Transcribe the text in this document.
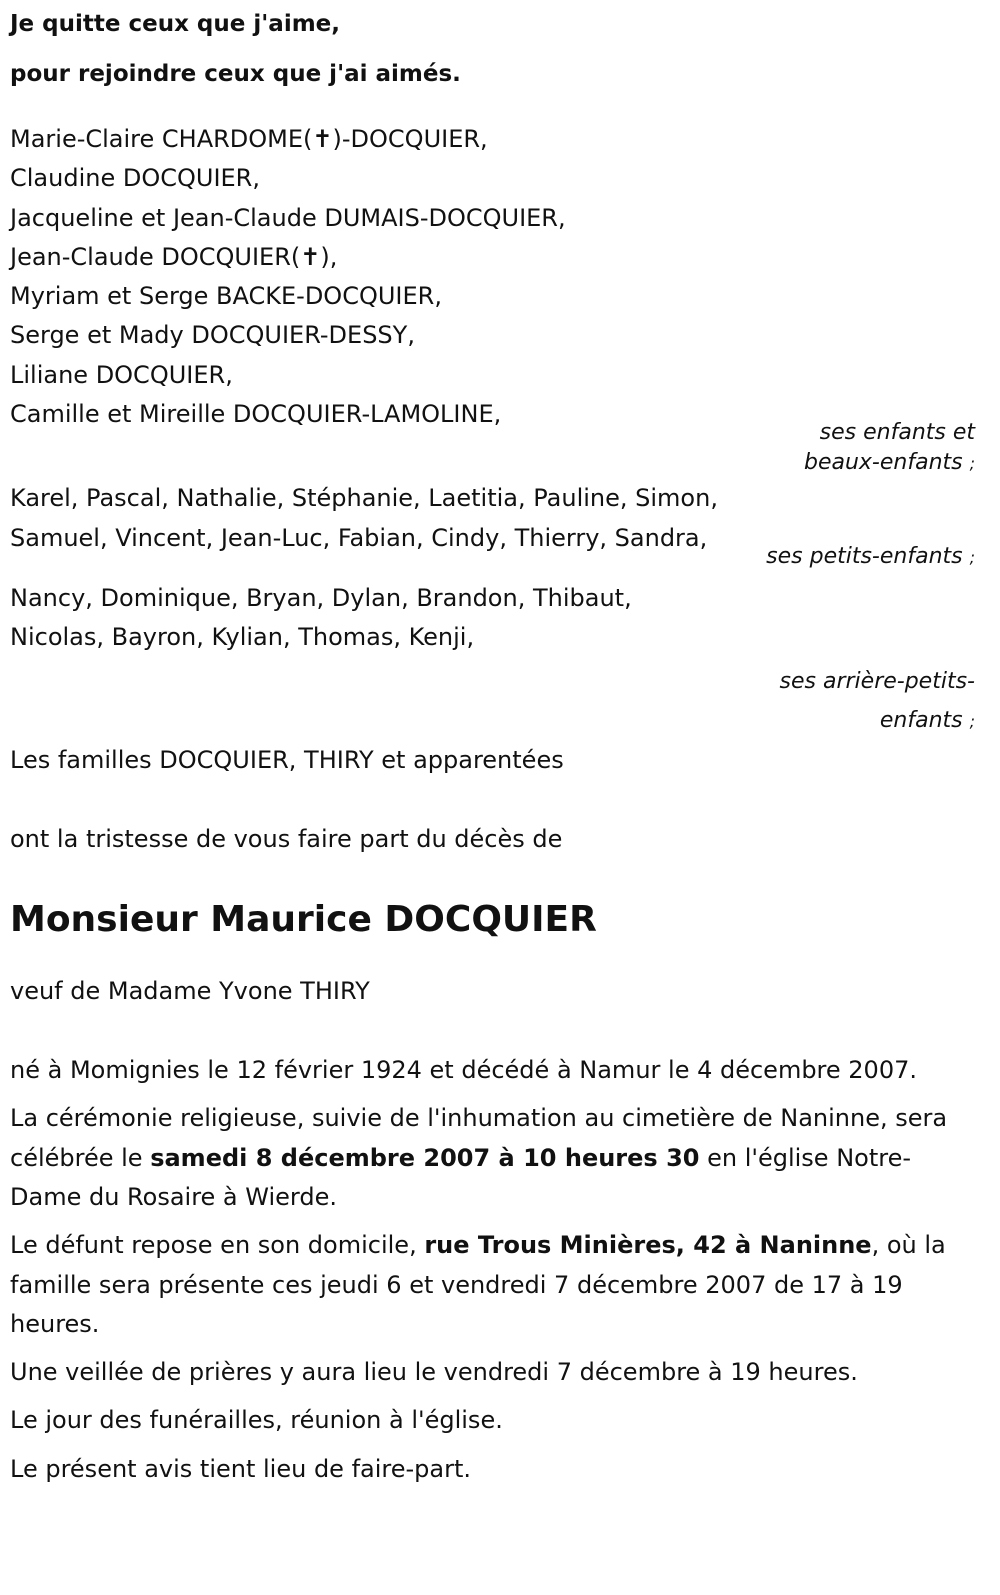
Je quitte ceux que j'aime,
pour rejoindre ceux que j'ai aimés.
Marie-Claire CHARDOME(✝)-DOCQUIER,
Claudine DOCQUIER,
Jacqueline et Jean-Claude DUMAIS-DOCQUIER,
Jean-Claude DOCQUIER(✝),
Myriam et Serge BACKE-DOCQUIER,
Serge et Mady DOCQUIER-DESSY,
Liliane DOCQUIER,
Camille et Mireille DOCQUIER-LAMOLINE,
ses enfants et
beaux-enfants ;
Karel, Pascal, Nathalie, Stéphanie, Laetitia, Pauline, Simon,
Samuel, Vincent, Jean-Luc, Fabian, Cindy, Thierry, Sandra,
ses petits-enfants ;
Nancy, Dominique, Bryan, Dylan, Brandon, Thibaut,
Nicolas, Bayron, Kylian, Thomas, Kenji,
ses arrière-petits-
enfants ;
Les familles DOCQUIER, THIRY et apparentées
ont la tristesse de vous faire part du décès de
Monsieur Maurice DOCQUIER
veuf de Madame Yvone THIRY
né à Momignies le 12 février 1924 et décédé à Namur le 4 décembre 2007.
La cérémonie religieuse, suivie de l'inhumation au cimetière de Naninne, sera célébrée le samedi 8 décembre 2007 à 10 heures 30 en l'église Notre-Dame du Rosaire à Wierde.
Le défunt repose en son domicile, rue Trous Minières, 42 à Naninne, où la famille sera présente ces jeudi 6 et vendredi 7 décembre 2007 de 17 à 19 heures.
Une veillée de prières y aura lieu le vendredi 7 décembre à 19 heures.
Le jour des funérailles, réunion à l'église.
Le présent avis tient lieu de faire-part.
